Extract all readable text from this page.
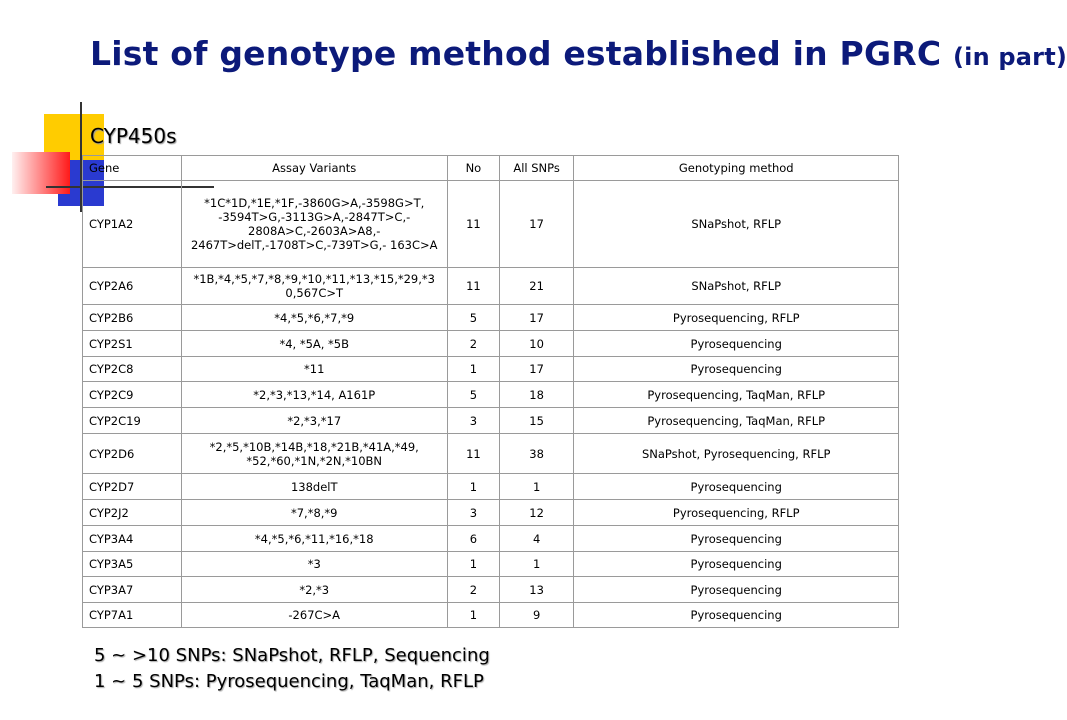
List of genotype method established in PGRC (in part)
CYP450s
Gene	Assay Variants	No	All SNPs	Genotyping method
CYP1A2	*1C*1D,*1E,*1F,-3860G>A,-3598G>T, -3594T>G,-3113G>A,-2847T>C,- 2808A>C,-2603A>A8,- 2467T>delT,-1708T>C,-739T>G,- 163C>A	11	17	SNaPshot, RFLP
CYP2A6	*1B,*4,*5,*7,*8,*9,*10,*11,*13,*15,*29,*3 0,567C>T	11	21	SNaPshot, RFLP
CYP2B6	*4,*5,*6,*7,*9	5	17	Pyrosequencing, RFLP
CYP2S1	*4, *5A, *5B	2	10	Pyrosequencing
CYP2C8	*11	1	17	Pyrosequencing
CYP2C9	*2,*3,*13,*14, A161P	5	18	Pyrosequencing, TaqMan, RFLP
CYP2C19	*2,*3,*17	3	15	Pyrosequencing, TaqMan, RFLP
CYP2D6	*2,*5,*10B,*14B,*18,*21B,*41A,*49, *52,*60,*1N,*2N,*10BN	11	38	SNaPshot, Pyrosequencing, RFLP
CYP2D7	138delT	1	1	Pyrosequencing
CYP2J2	*7,*8,*9	3	12	Pyrosequencing, RFLP
CYP3A4	*4,*5,*6,*11,*16,*18	6	4	Pyrosequencing
CYP3A5	*3	1	1	Pyrosequencing
CYP3A7	*2,*3	2	13	Pyrosequencing
CYP7A1	-267C>A	1	9	Pyrosequencing
5 ~ >10 SNPs: SNaPshot, RFLP, Sequencing
1 ~ 5 SNPs: Pyrosequencing, TaqMan, RFLP
